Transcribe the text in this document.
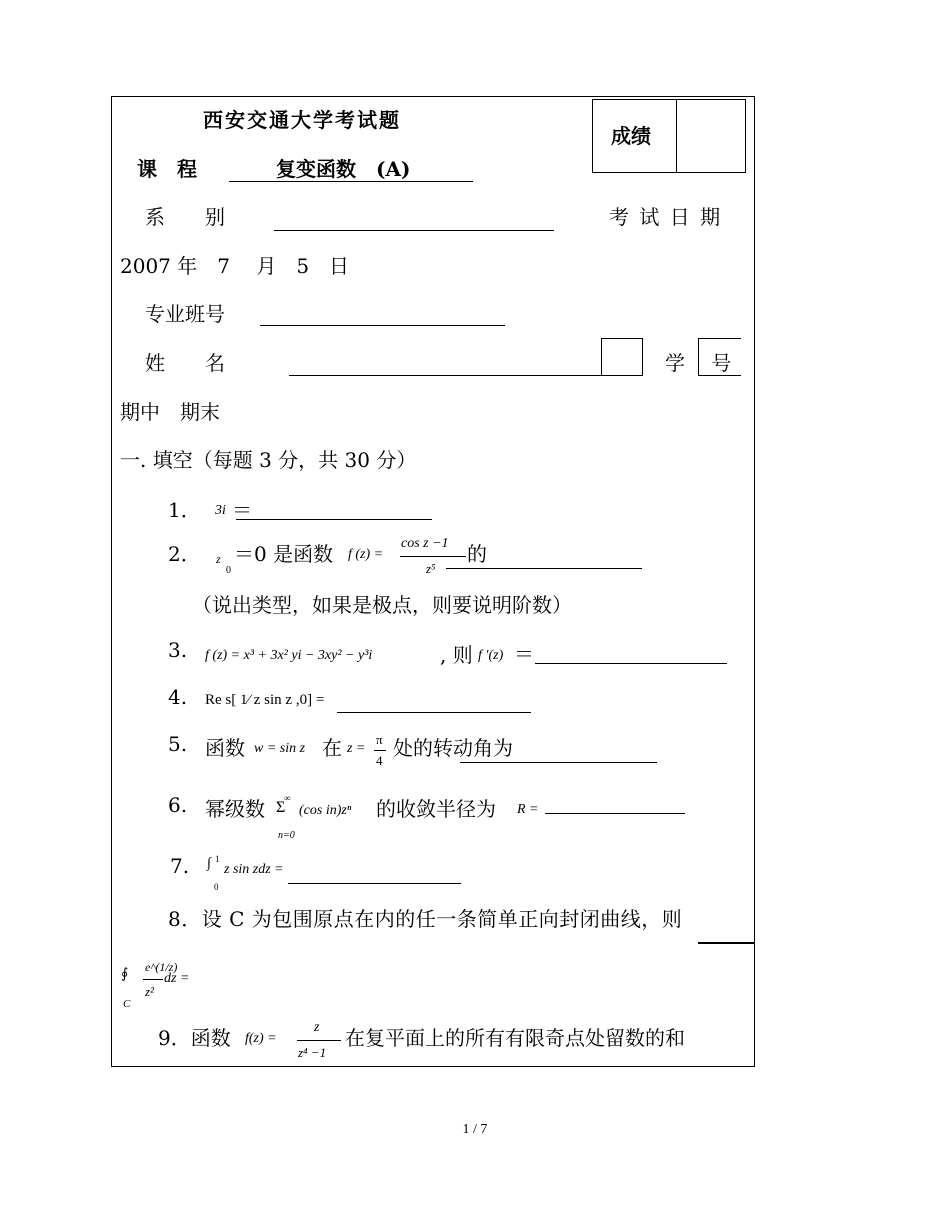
西安交通大学考试题
成绩
课　程	复变函数　(A)
系　　别	考 试 日 期
2007 年　7　 月　5　日
专业班号
姓　　名	学　 号
期中　期末
一. 填空（每题 3 分，共 30 分）
1． 3i ＝
2． z
0
＝0 是函数 f (z) =
cos z −1
z⁵
的
（说出类型，如果是极点，则要说明阶数）
3. f (z) = x³ + 3x² yi − 3xy² − y³i	, 则 f ′(z) ＝
4. Re s[ 1⁄ z sin z ,0] =
5. 函数 w = sin z 在 z =
π
4
处的转动角为
6. 幂级数 Σ
∞
(cos in)zⁿ
n=0
的收敛半径为 R =
7. ∫ 1
0
z sin zdz =
8．设 C 为包围原点在内的任一条简单正向封闭曲线，则
∮
C
e^(1/z)
z²
dz =
9．函数 f(z) =
z
z⁴ −1
在复平面上的所有有限奇点处留数的和
1 / 7
